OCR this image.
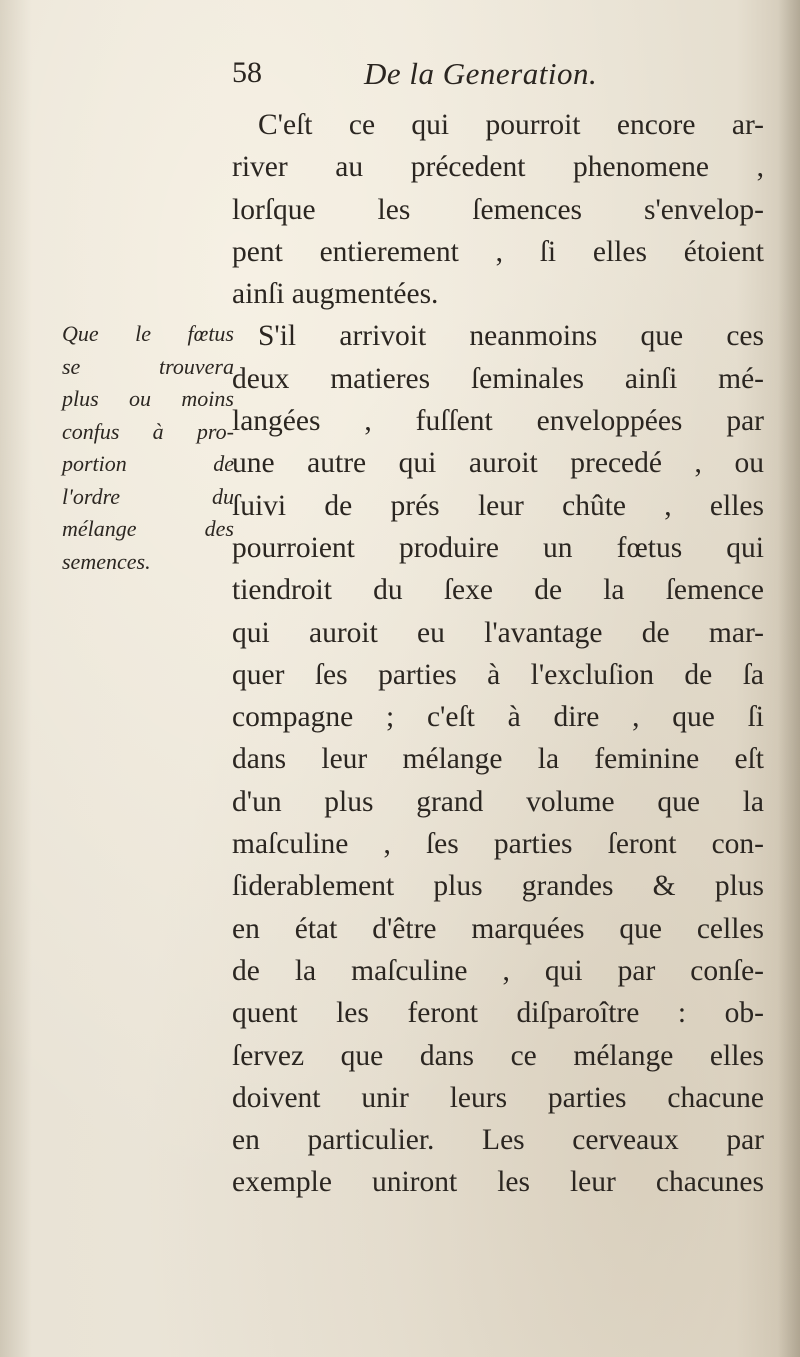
58	De la Generation.
Que le fœtus
se trouvera
plus ou moins
confus à pro-
portion de
l'ordre du
mélange des
semences.
C'eſt ce qui pourroit encore ar-
river au précedent phenomene ,
lorſque les ſemences s'envelop-
pent entierement , ſi elles étoient
ainſi augmentées.
S'il arrivoit neanmoins que ces
deux matieres ſeminales ainſi mé-
langées , fuſſent enveloppées par
une autre qui auroit precedé , ou
ſuivi de prés leur chûte , elles
pourroient produire un fœtus qui
tiendroit du ſexe de la ſemence
qui auroit eu l'avantage de mar-
quer ſes parties à l'excluſion de ſa
compagne ; c'eſt à dire , que ſi
dans leur mélange la feminine eſt
d'un plus grand volume que la
maſculine , ſes parties ſeront con-
ſiderablement plus grandes & plus
en état d'être marquées que celles
de la maſculine , qui par conſe-
quent les feront diſparoître : ob-
ſervez que dans ce mélange elles
doivent unir leurs parties chacune
en particulier. Les cerveaux par
exemple uniront les leur chacunes
